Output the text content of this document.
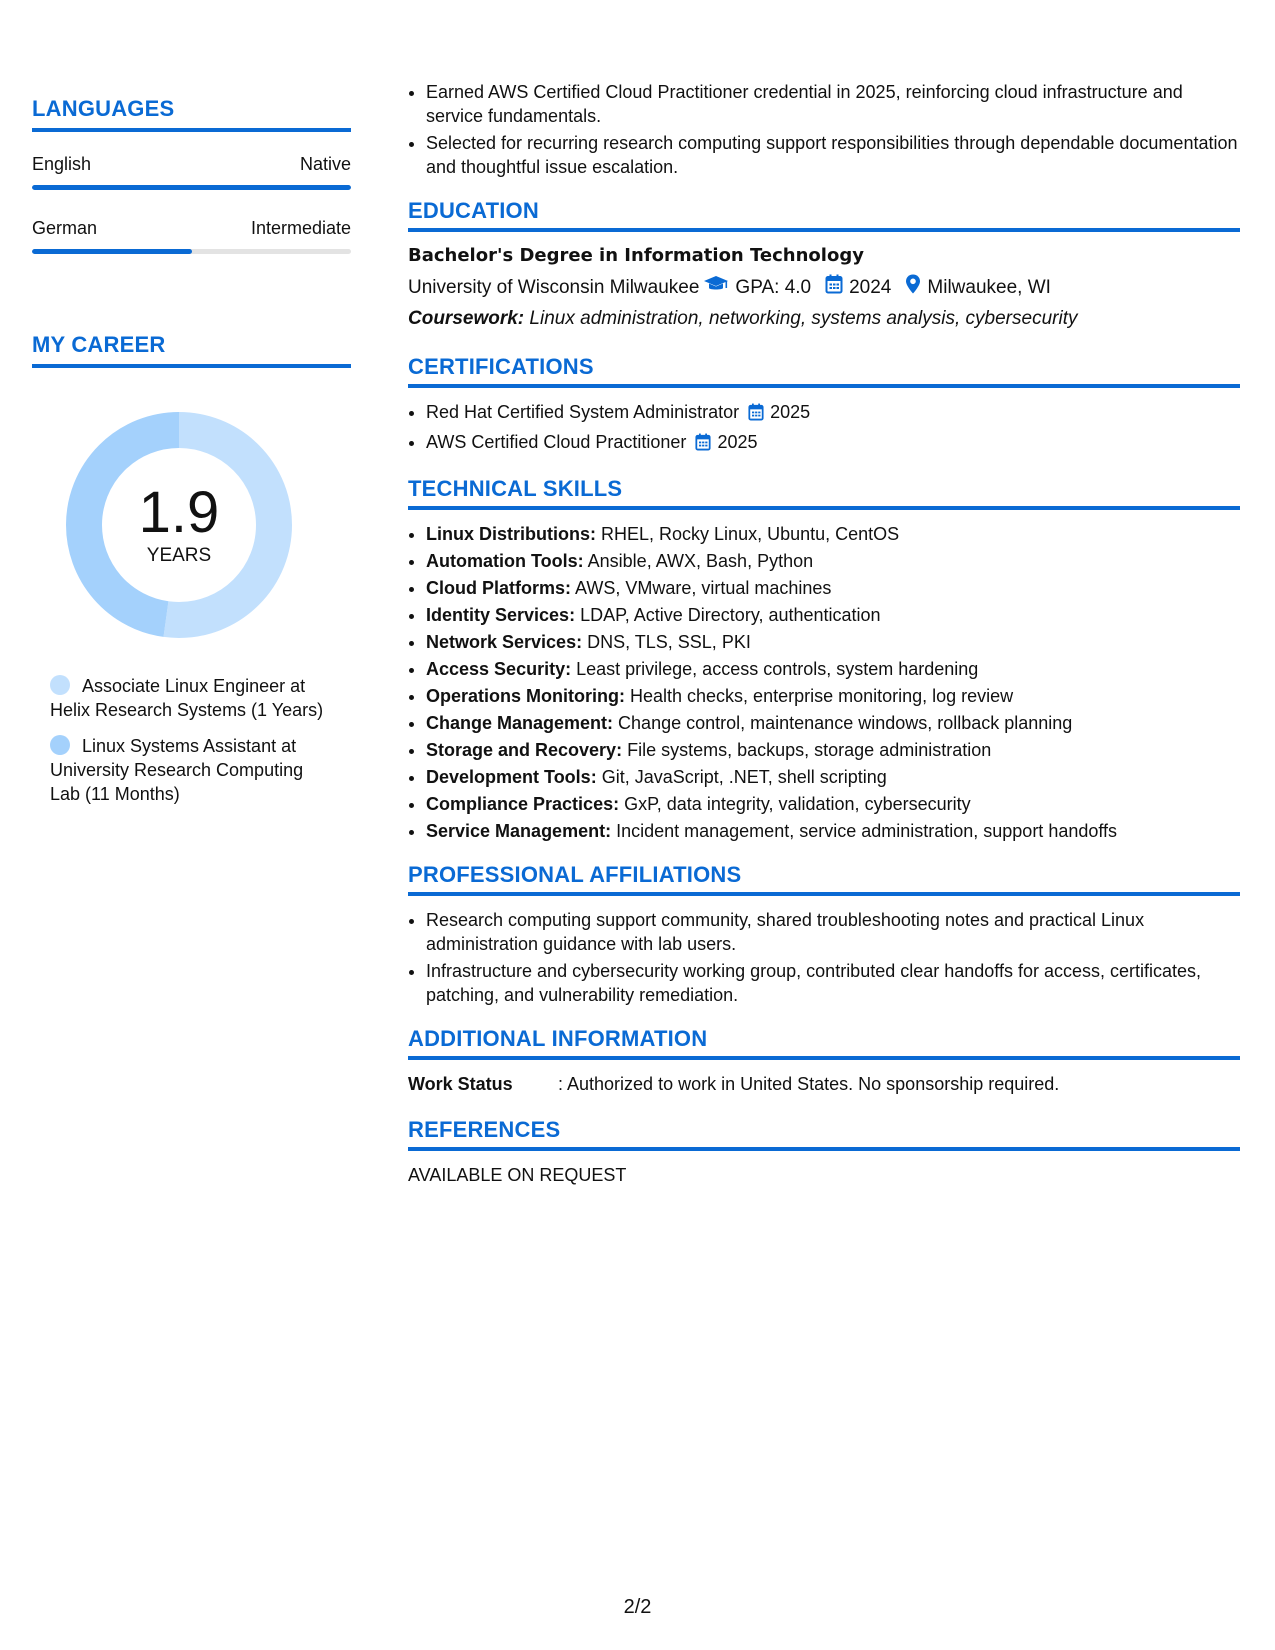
LANGUAGES
English	Native
German	Intermediate
MY CAREER
1.9
YEARS
Associate Linux Engineer at Helix Research Systems (1 Years)
Linux Systems Assistant at University Research Computing Lab (11 Months)
• Earned AWS Certified Cloud Practitioner credential in 2025, reinforcing cloud infrastructure and service fundamentals.
• Selected for recurring research computing support responsibilities through dependable documentation and thoughtful issue escalation.
EDUCATION
Bachelor's Degree in Information Technology
University of Wisconsin Milwaukee GPA: 4.0 2024 Milwaukee, WI
Coursework: Linux administration, networking, systems analysis, cybersecurity
CERTIFICATIONS
• Red Hat Certified System Administrator 2025
• AWS Certified Cloud Practitioner 2025
TECHNICAL SKILLS
• Linux Distributions: RHEL, Rocky Linux, Ubuntu, CentOS
• Automation Tools: Ansible, AWX, Bash, Python
• Cloud Platforms: AWS, VMware, virtual machines
• Identity Services: LDAP, Active Directory, authentication
• Network Services: DNS, TLS, SSL, PKI
• Access Security: Least privilege, access controls, system hardening
• Operations Monitoring: Health checks, enterprise monitoring, log review
• Change Management: Change control, maintenance windows, rollback planning
• Storage and Recovery: File systems, backups, storage administration
• Development Tools: Git, JavaScript, .NET, shell scripting
• Compliance Practices: GxP, data integrity, validation, cybersecurity
• Service Management: Incident management, service administration, support handoffs
PROFESSIONAL AFFILIATIONS
• Research computing support community, shared troubleshooting notes and practical Linux administration guidance with lab users.
• Infrastructure and cybersecurity working group, contributed clear handoffs for access, certificates, patching, and vulnerability remediation.
ADDITIONAL INFORMATION
Work Status	: Authorized to work in United States. No sponsorship required.
REFERENCES
AVAILABLE ON REQUEST
2/2
